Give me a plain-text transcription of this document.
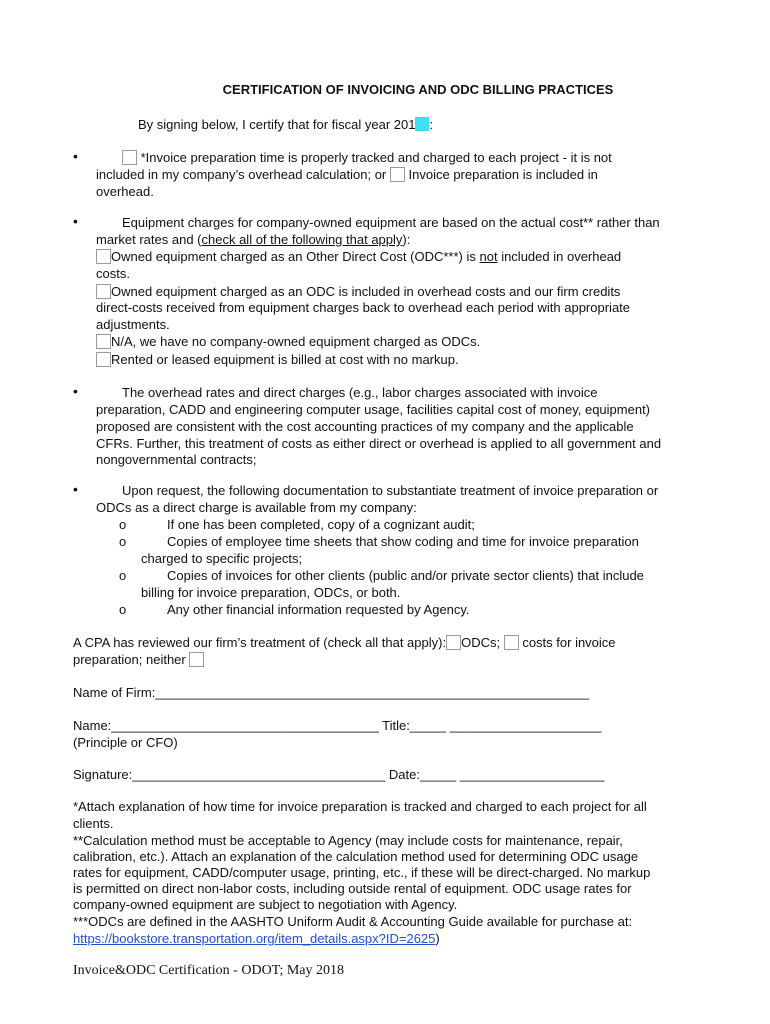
CERTIFICATION OF INVOICING AND ODC BILLING PRACTICES
By signing below, I certify that for fiscal year 201 :
•	*Invoice preparation time is properly tracked and charged to each project - it is not
included in my company’s overhead calculation; or Invoice preparation is included in
overhead.
•	Equipment charges for company-owned equipment are based on the actual cost** rather than
market rates and (check all of the following that apply):
Owned equipment charged as an Other Direct Cost (ODC***) is not included in overhead
costs.
Owned equipment charged as an ODC is included in overhead costs and our firm credits
direct-costs received from equipment charges back to overhead each period with appropriate
adjustments.
N/A, we have no company-owned equipment charged as ODCs.
Rented or leased equipment is billed at cost with no markup.
•	The overhead rates and direct charges (e.g., labor charges associated with invoice
preparation, CADD and engineering computer usage, facilities capital cost of money, equipment)
proposed are consistent with the cost accounting practices of my company and the applicable
CFRs. Further, this treatment of costs as either direct or overhead is applied to all government and
nongovernmental contracts;
•	Upon request, the following documentation to substantiate treatment of invoice preparation or
ODCs as a direct charge is available from my company:
o	If one has been completed, copy of a cognizant audit;
o	Copies of employee time sheets that show coding and time for invoice preparation
charged to specific projects;
o	Copies of invoices for other clients (public and/or private sector clients) that include
billing for invoice preparation, ODCs, or both.
o	Any other financial information requested by Agency.
A CPA has reviewed our firm’s treatment of (check all that apply): ODCs; costs for invoice
preparation; neither
Name of Firm:____________________________________________________________
Name:_____________________________________ Title:_____ _____________________
(Principle or CFO)
Signature:___________________________________ Date:_____ ____________________
*Attach explanation of how time for invoice preparation is tracked and charged to each project for all
clients.
**Calculation method must be acceptable to Agency (may include costs for maintenance, repair,
calibration, etc.). Attach an explanation of the calculation method used for determining ODC usage
rates for equipment, CADD/computer usage, printing, etc., if these will be direct-charged. No markup
is permitted on direct non-labor costs, including outside rental of equipment. ODC usage rates for
company-owned equipment are subject to negotiation with Agency.
***ODCs are defined in the AASHTO Uniform Audit & Accounting Guide available for purchase at:
https://bookstore.transportation.org/item_details.aspx?ID=2625)
Invoice&ODC Certification - ODOT; May 2018
